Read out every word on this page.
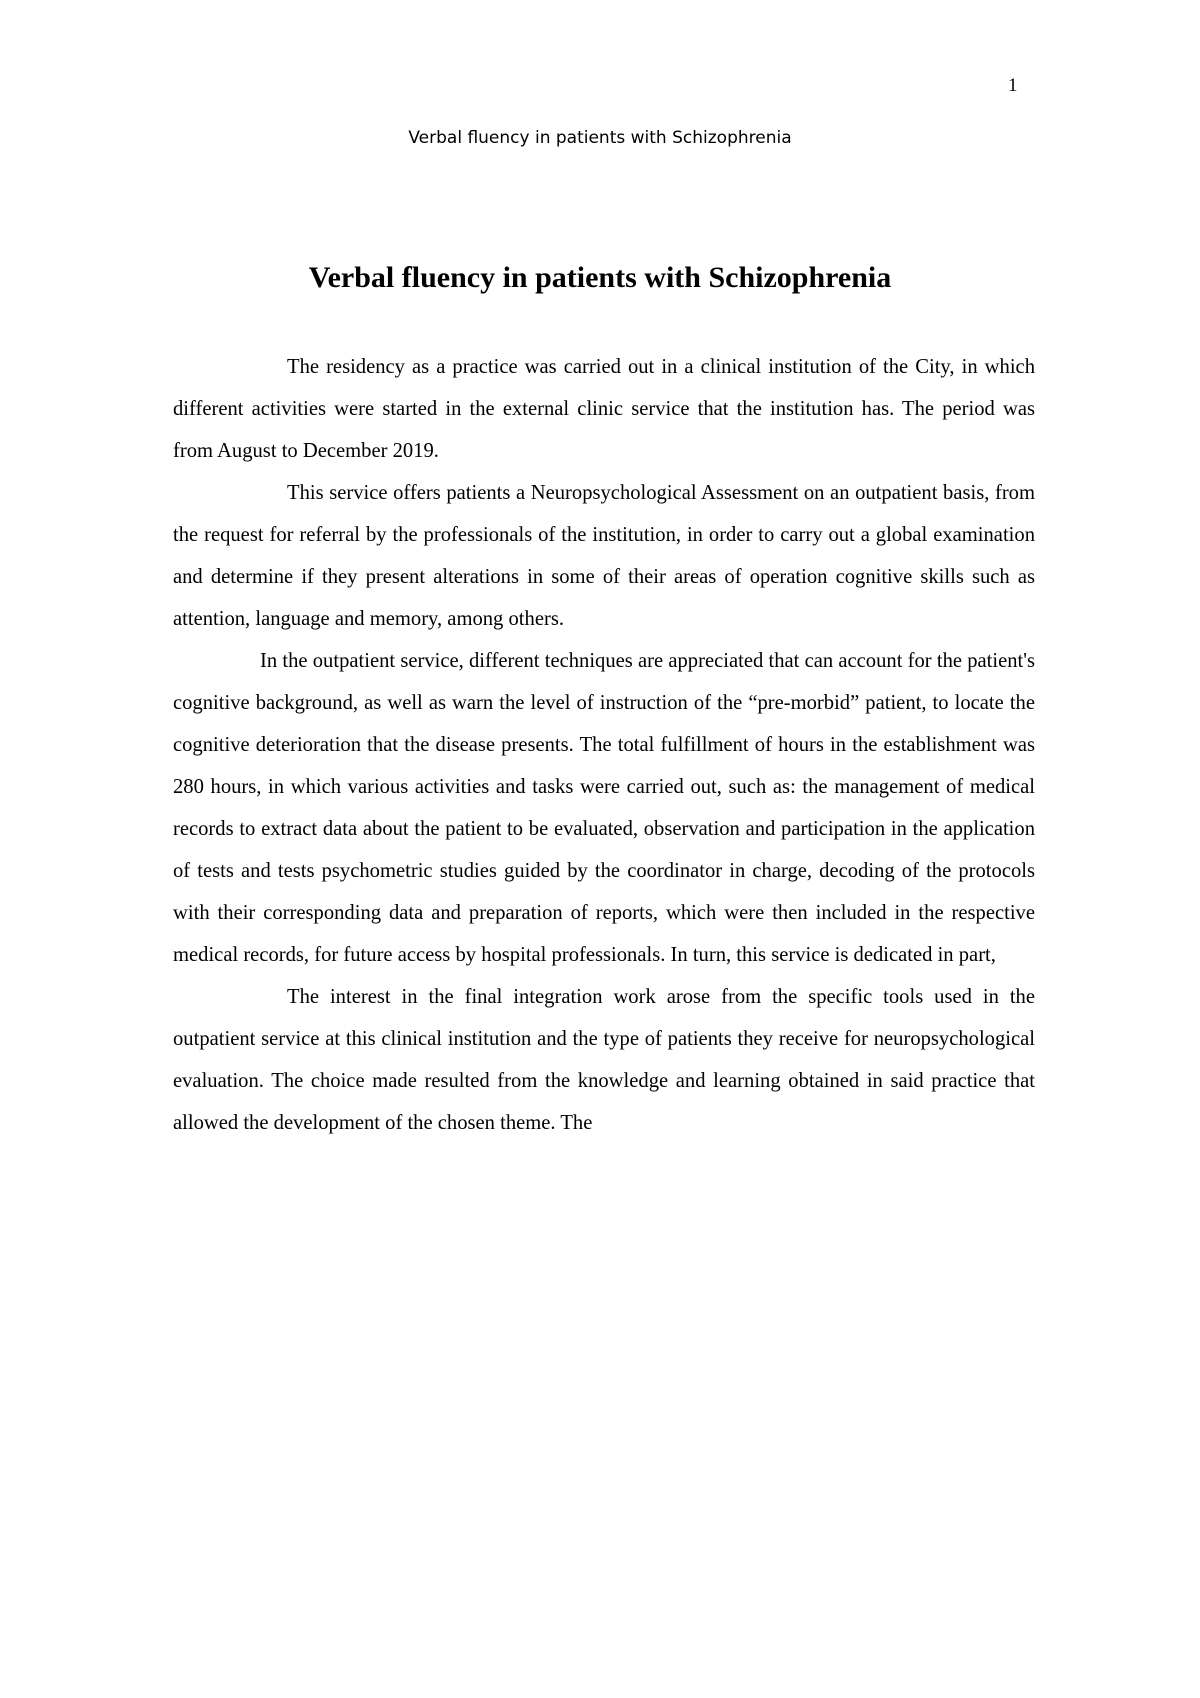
1
Verbal fluency in patients with Schizophrenia
Verbal fluency in patients with Schizophrenia

The residency as a practice was carried out in a clinical institution of the City, in which different activities were started in the external clinic service that the institution has. The period was from August to December 2019.

This service offers patients a Neuropsychological Assessment on an outpatient basis, from the request for referral by the professionals of the institution, in order to carry out a global examination and determine if they present alterations in some of their areas of operation cognitive skills such as attention, language and memory, among others.

In the outpatient service, different techniques are appreciated that can account for the patient's cognitive background, as well as warn the level of instruction of the “pre-morbid” patient, to locate the cognitive deterioration that the disease presents. The total fulfillment of hours in the establishment was 280 hours, in which various activities and tasks were carried out, such as: the management of medical records to extract data about the patient to be evaluated, observation and participation in the application of tests and tests psychometric studies guided by the coordinator in charge, decoding of the protocols with their corresponding data and preparation of reports, which were then included in the respective medical records, for future access by hospital professionals. In turn, this service is dedicated in part,

The interest in the final integration work arose from the specific tools used in the outpatient service at this clinical institution and the type of patients they receive for neuropsychological evaluation. The choice made resulted from the knowledge and learning obtained in said practice that allowed the development of the chosen theme. The
